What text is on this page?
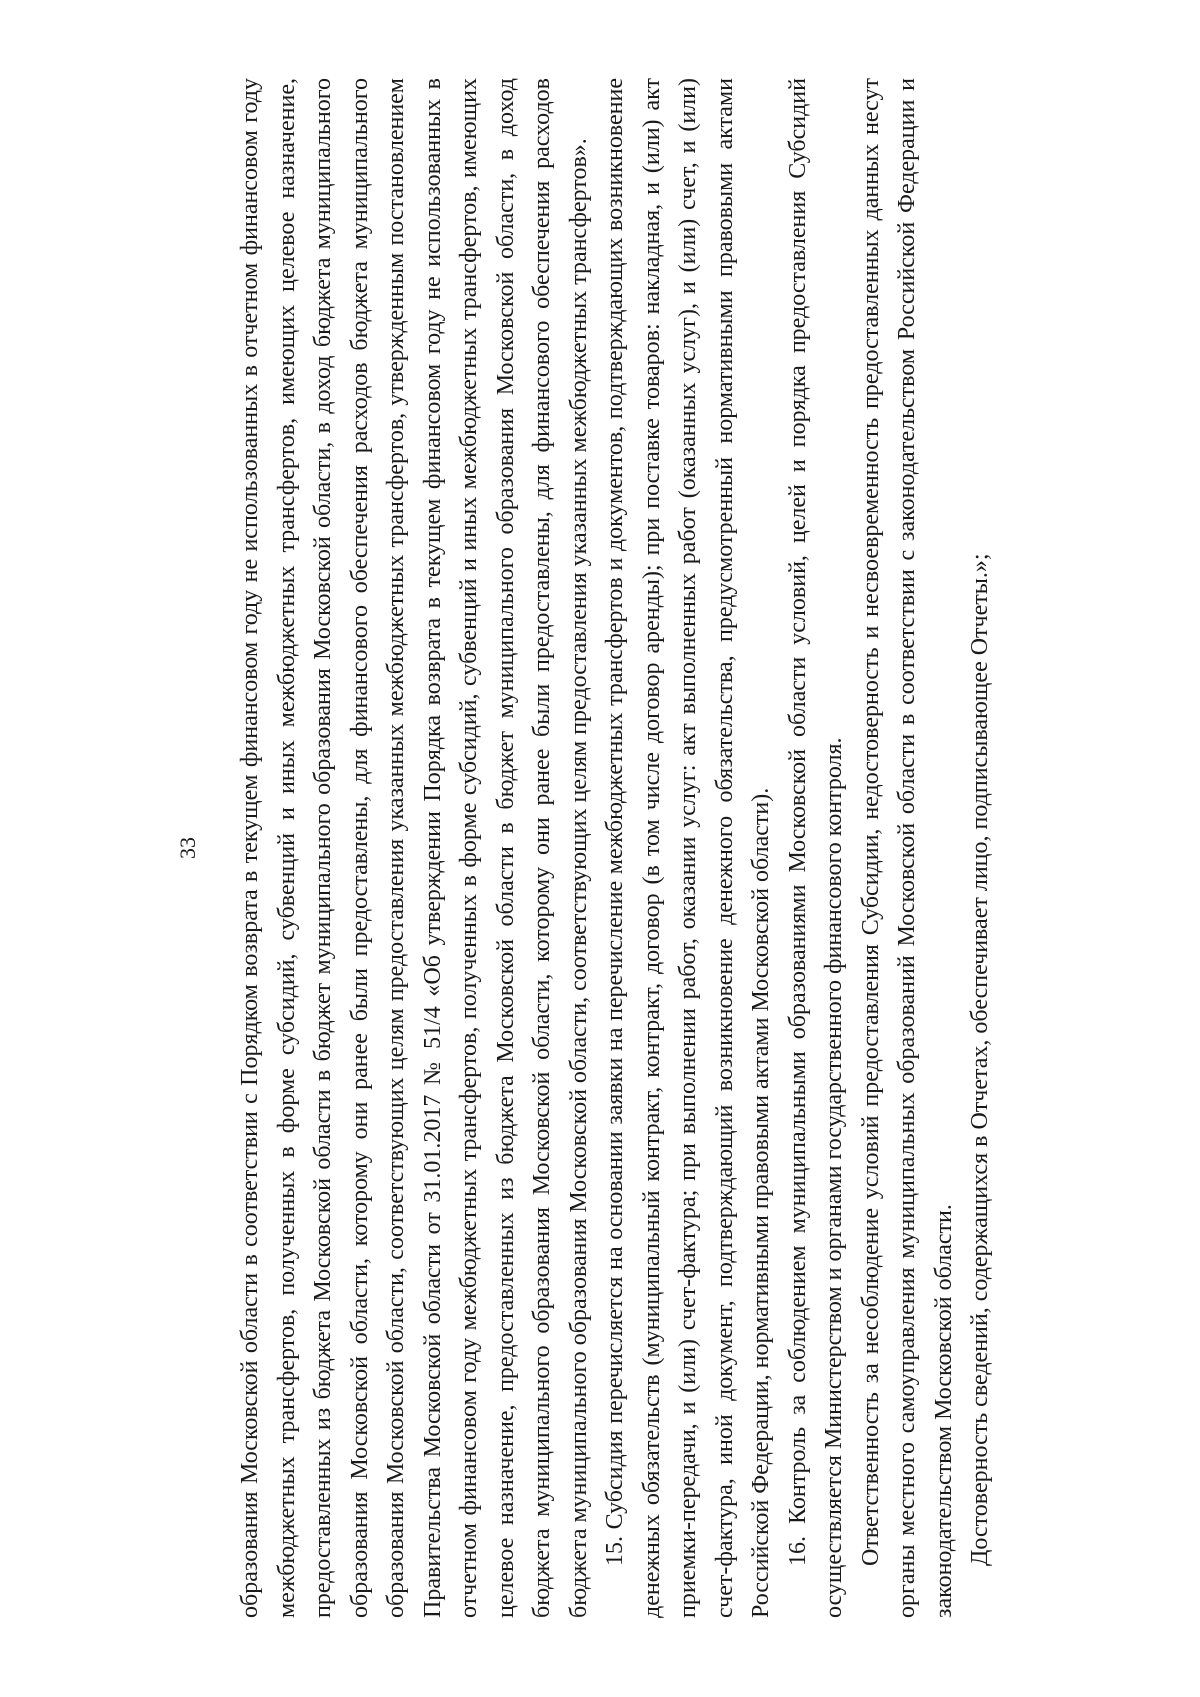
33 образования Московской области в соответствии с Порядком возврата в текущем финансовом году не использованных в отчетном финансовом году межбюджетных трансфертов, полученных в форме субсидий, субвенций и иных межбюджетных трансфертов, имеющих целевое назначение, предоставленных из бюджета Московской области в бюджет муниципального образования Московской области, в доход бюджета муниципального образования Московской области, которому они ранее были предоставлены, для финансового обеспечения расходов бюджета муниципального образования Московской области, соответствующих целям предоставления указанных межбюджетных трансфертов, утвержденным постановлением Правительства Московской области от 31.01.2017 № 51/4 «Об утверждении Порядка возврата в текущем финансовом году не использованных в отчетном финансовом году межбюджетных трансфертов, полученных в форме субсидий, субвенций и иных межбюджетных трансфертов, имеющих целевое назначение, предоставленных из бюджета Московской области в бюджет муниципального образования Московской области, в доход бюджета муниципального образования Московской области, которому они ранее были предоставлены, для финансового обеспечения расходов бюджета муниципального образования Московской области, соответствующих целям предоставления указанных межбюджетных трансфертов». 15. Субсидия перечисляется на основании заявки на перечисление межбюджетных трансфертов и документов, подтверждающих возникновение денежных обязательств (муниципальный контракт, контракт, договор (в том числе договор аренды); при поставке товаров: накладная, и (или) акт приемки-передачи, и (или) счет-фактура; при выполнении работ, оказании услуг: акт выполненных работ (оказанных услуг), и (или) счет, и (или) счет-фактура, иной документ, подтверждающий возникновение денежного обязательства, предусмотренный нормативными правовыми актами Российской Федерации, нормативными правовыми актами Московской области). 16. Контроль за соблюдением муниципальными образованиями Московской области условий, целей и порядка предоставления Субсидий осуществляется Министерством и органами государственного финансового контроля. Ответственность за несоблюдение условий предоставления Субсидии, недостоверность и несвоевременность предоставленных данных несут органы местного самоуправления муниципальных образований Московской области в соответствии с законодательством Российской Федерации и законодательством Московской области. Достоверность сведений, содержащихся в Отчетах, обеспечивает лицо, подписывающее Отчеты.»;
